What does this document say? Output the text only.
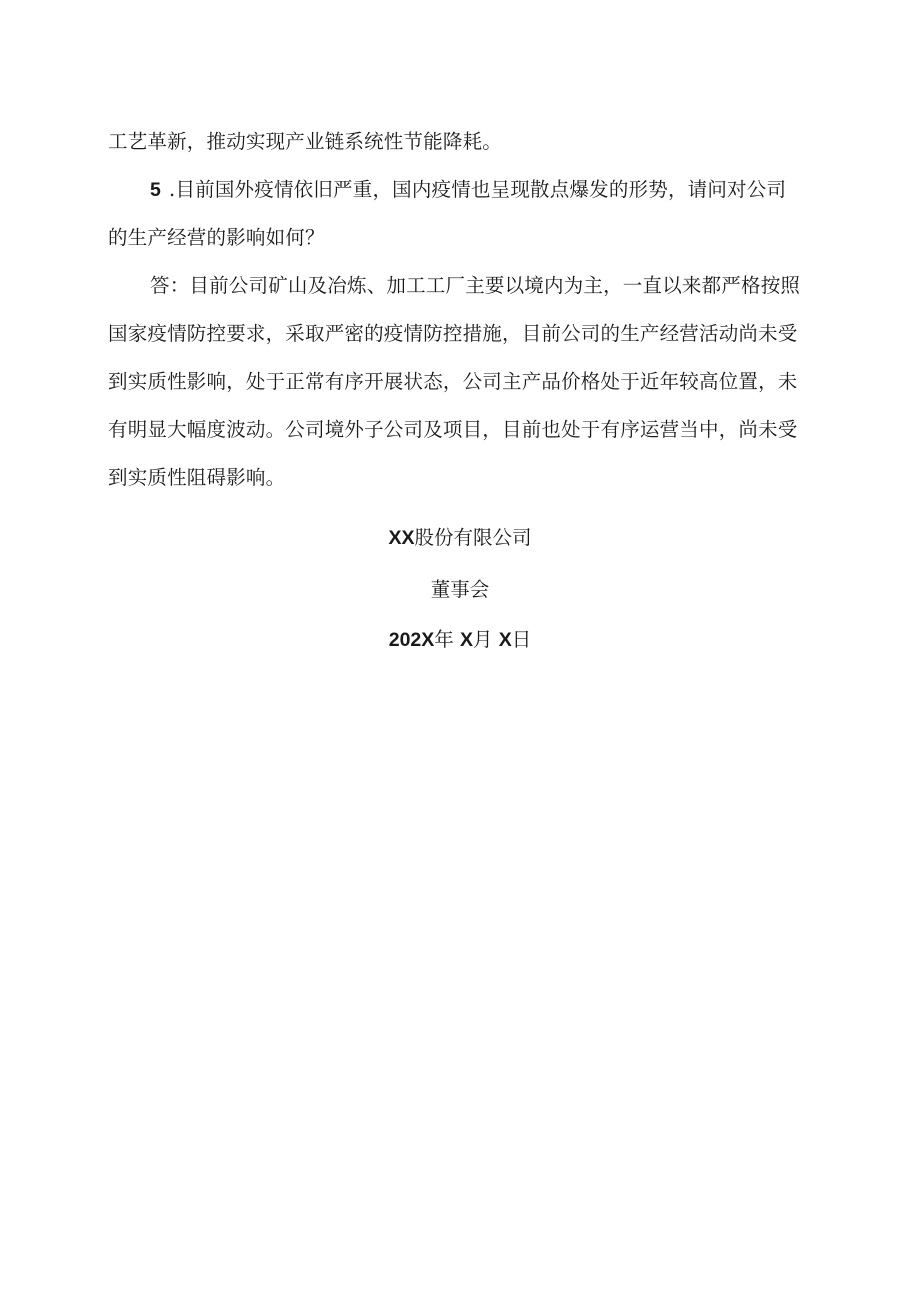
工艺革新，推动实现产业链系统性节能降耗。
5 .目前国外疫情依旧严重，国内疫情也呈现散点爆发的形势，请问对公司
的生产经营的影响如何？
答：目前公司矿山及冶炼、加工工厂主要以境内为主，一直以来都严格按照
国家疫情防控要求，采取严密的疫情防控措施，目前公司的生产经营活动尚未受
到实质性影响，处于正常有序开展状态，公司主产品价格处于近年较高位置，未
有明显大幅度波动。公司境外子公司及项目，目前也处于有序运营当中，尚未受
到实质性阻碍影响。
XX股份有限公司
董事会
202X年 X月 X日
